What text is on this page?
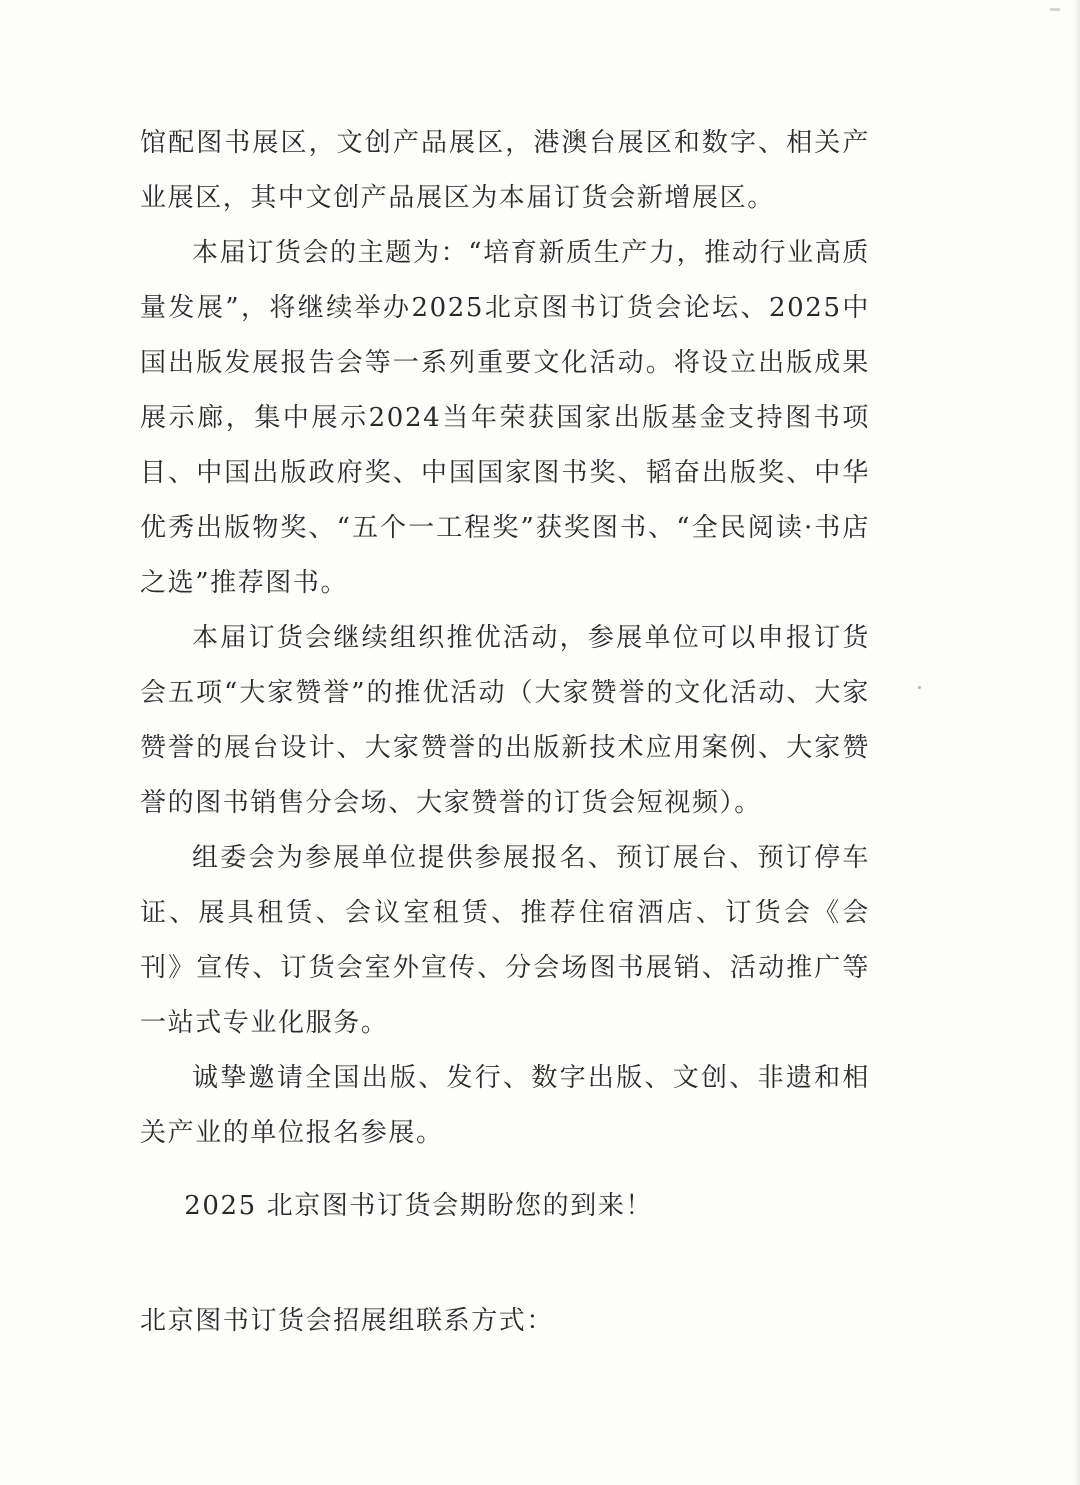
馆配图书展区，文创产品展区，港澳台展区和数字、相关产业展区，其中文创产品展区为本届订货会新增展区。

本届订货会的主题为：“培育新质生产力，推动行业高质量发展”，将继续举办2025北京图书订货会论坛、2025中国出版发展报告会等一系列重要文化活动。将设立出版成果展示廊，集中展示2024当年荣获国家出版基金支持图书项目、中国出版政府奖、中国国家图书奖、韬奋出版奖、中华优秀出版物奖、“五个一工程奖”获奖图书、“全民阅读·书店之选”推荐图书。

本届订货会继续组织推优活动，参展单位可以申报订货会五项“大家赞誉”的推优活动（大家赞誉的文化活动、大家赞誉的展台设计、大家赞誉的出版新技术应用案例、大家赞誉的图书销售分会场、大家赞誉的订货会短视频）。

组委会为参展单位提供参展报名、预订展台、预订停车证、展具租赁、会议室租赁、推荐住宿酒店、订货会《会刊》宣传、订货会室外宣传、分会场图书展销、活动推广等一站式专业化服务。

诚挚邀请全国出版、发行、数字出版、文创、非遗和相关产业的单位报名参展。

2025 北京图书订货会期盼您的到来！

北京图书订货会招展组联系方式：
